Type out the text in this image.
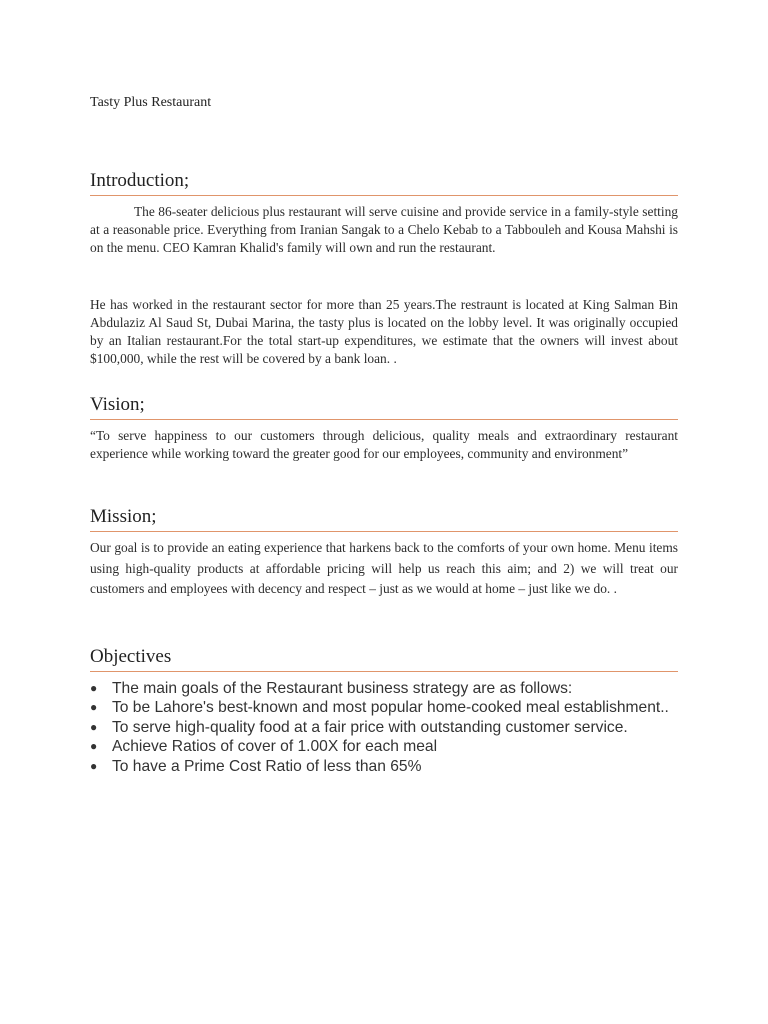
Tasty Plus Restaurant
Introduction;
The 86-seater delicious plus restaurant will serve cuisine and provide service in a family-style setting at a reasonable price. Everything from Iranian Sangak to a Chelo Kebab to a Tabbouleh and Kousa Mahshi is on the menu. CEO Kamran Khalid's family will own and run the restaurant.
He has worked in the restaurant sector for more than 25 years.The restraunt is located at King Salman Bin Abdulaziz Al Saud St, Dubai Marina, the tasty plus is located on the lobby level. It was originally occupied by an Italian restaurant.For the total start-up expenditures, we estimate that the owners will invest about $100,000, while the rest will be covered by a bank loan. .
Vision;
“To serve happiness to our customers through delicious, quality meals and extraordinary restaurant experience while working toward the greater good for our employees, community and environment”
Mission;
Our goal is to provide an eating experience that harkens back to the comforts of your own home. Menu items using high-quality products at affordable pricing will help us reach this aim; and 2) we will treat our customers and employees with decency and respect – just as we would at home – just like we do. .
Objectives
● The main goals of the Restaurant business strategy are as follows:
● To be Lahore's best-known and most popular home-cooked meal establishment..
● To serve high-quality food at a fair price with outstanding customer service.
● Achieve Ratios of cover of 1.00X for each meal
● To have a Prime Cost Ratio of less than 65%
